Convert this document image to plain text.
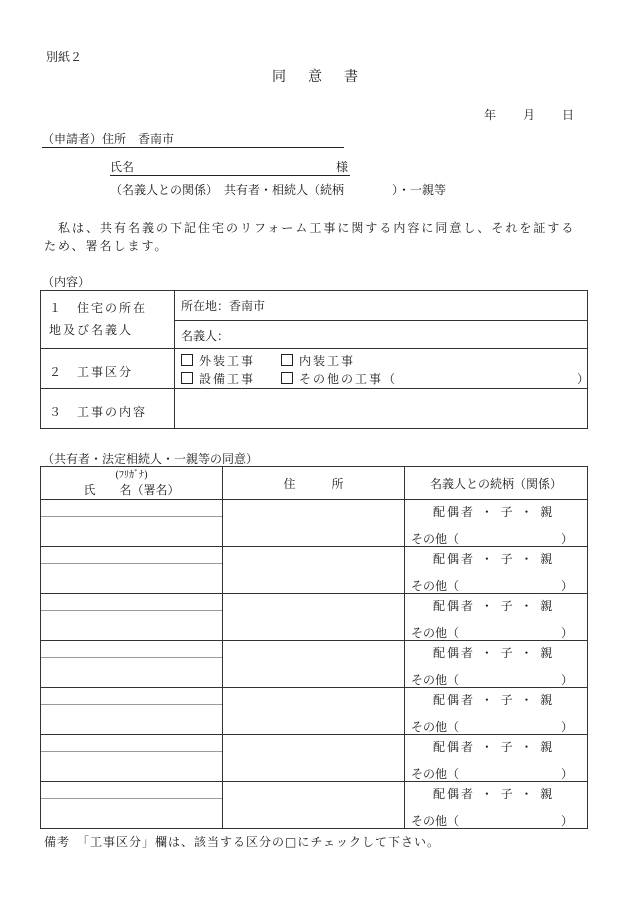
別紙２
同　意　書
年　　月　　日
（申請者）住所　香南市
氏名	様
（名義人との関係）　共有者・相続人（続柄　　　　）・一親等
　私は、共有名義の下記住宅のリフォーム工事に関する内容に同意し、それを証する
ため、署名します。
（内容）
１　住宅の所在
地及び名義人	所在地：香南市
	名義人：
２　工事区分	外装工事 内装工事
設備工事 その他の工事（ ）

３　工事の内容	
（共有者・法定相続人・一親等の同意）
(ﾌﾘｶﾞﾅ)
氏　　名（署名）	住　　　所	名義人との続柄（関係）

		配偶者 ・ 子 ・ 親
その他（ ）

		配偶者 ・ 子 ・ 親
その他（ ）

		配偶者 ・ 子 ・ 親
その他（ ）

		配偶者 ・ 子 ・ 親
その他（ ）

		配偶者 ・ 子 ・ 親
その他（ ）

		配偶者 ・ 子 ・ 親
その他（ ）

		配偶者 ・ 子 ・ 親
その他（ ）
備考　「工事区分」欄は、該当する区分の□にチェックして下さい。
